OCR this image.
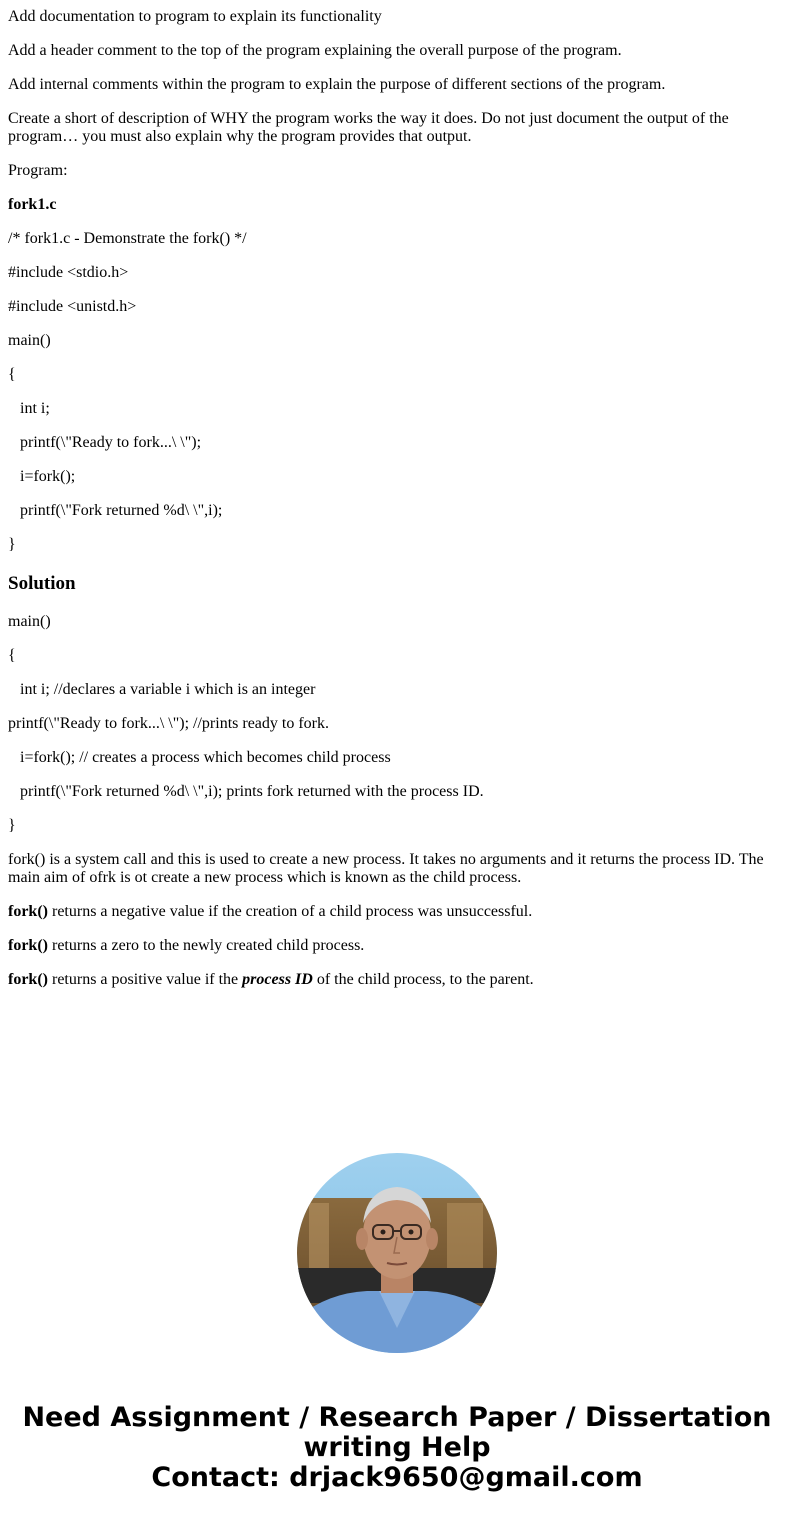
Add documentation to program to explain its functionality

Add a header comment to the top of the program explaining the overall purpose of the program.

Add internal comments within the program to explain the purpose of different sections of the program.

Create a short of description of WHY the program works the way it does. Do not just document the output of the program… you must also explain why the program provides that output.

Program:

fork1.c

/* fork1.c - Demonstrate the fork() */

#include <stdio.h>

#include <unistd.h>

main()

{

int i;

printf(\"Ready to fork...\ \");

i=fork();

printf(\"Fork returned %d\ \",i);

}

Solution

main()

{

int i; //declares a variable i which is an integer

printf(\"Ready to fork...\ \"); //prints ready to fork.

i=fork(); // creates a process which becomes child process

printf(\"Fork returned %d\ \",i); prints fork returned with the process ID.

}

fork() is a system call and this is used to create a new process. It takes no arguments and it returns the process ID. The main aim of ofrk is ot create a new process which is known as the child process.

fork() returns a negative value if the creation of a child process was unsuccessful.

fork() returns a zero to the newly created child process.

fork() returns a positive value if the process ID of the child process, to the parent.

Need Assignment / Research Paper / Dissertation
writing Help
Contact: drjack9650@gmail.com
